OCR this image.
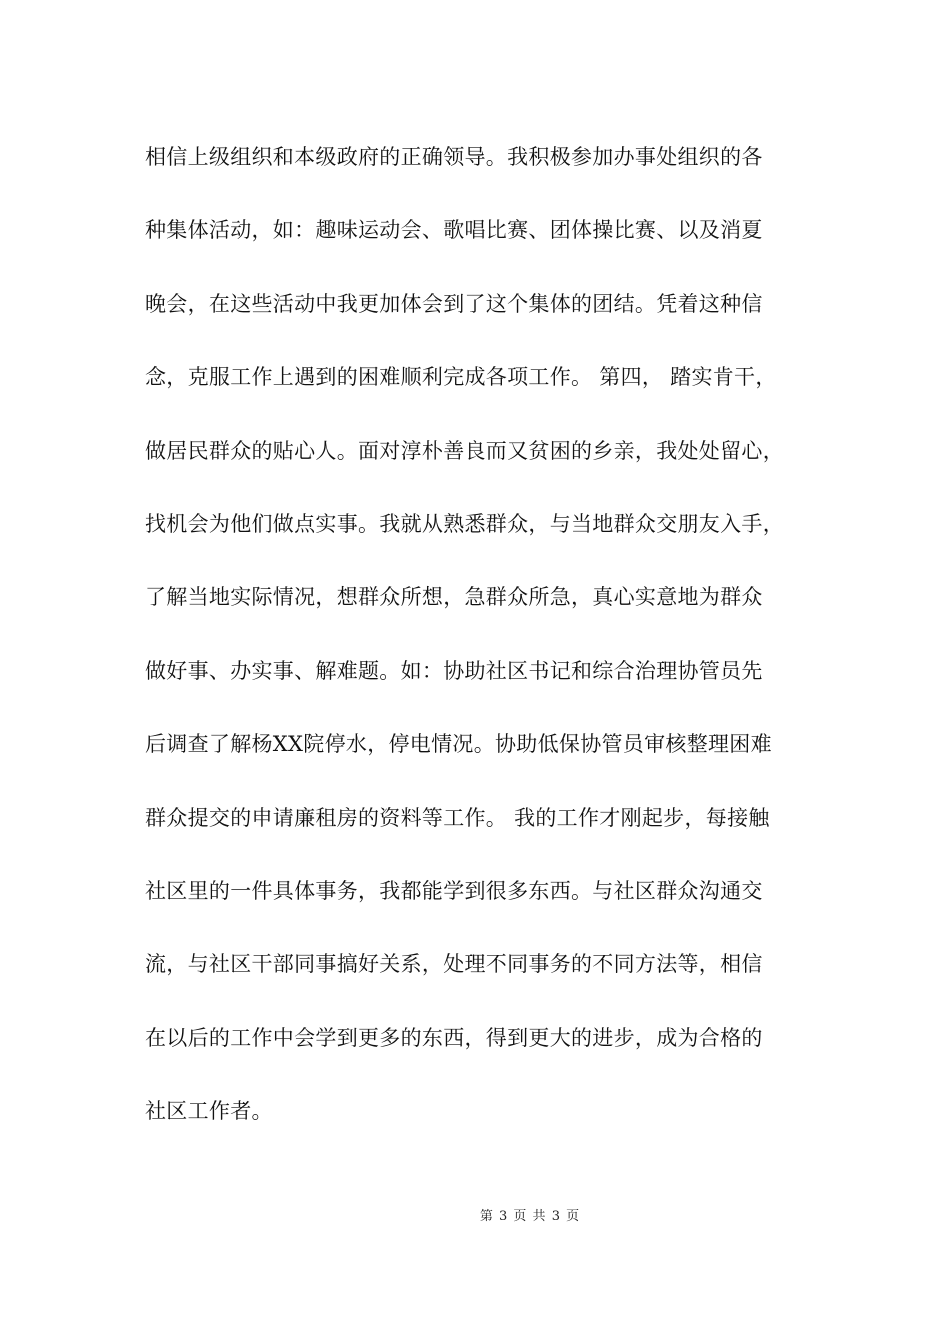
相信上级组织和本级政府的正确领导。我积极参加办事处组织的各
种集体活动，如：趣味运动会、歌唱比赛、团体操比赛、以及消夏
晚会，在这些活动中我更加体会到了这个集体的团结。凭着这种信
念，克服工作上遇到的困难顺利完成各项工作。 第四， 踏实肯干，
做居民群众的贴心人。面对淳朴善良而又贫困的乡亲，我处处留心，
找机会为他们做点实事。我就从熟悉群众，与当地群众交朋友入手，
了解当地实际情况，想群众所想，急群众所急，真心实意地为群众
做好事、办实事、解难题。如：协助社区书记和综合治理协管员先
后调查了解杨XX院停水，停电情况。协助低保协管员审核整理困难
群众提交的申请廉租房的资料等工作。 我的工作才刚起步，每接触
社区里的一件具体事务，我都能学到很多东西。与社区群众沟通交
流，与社区干部同事搞好关系，处理不同事务的不同方法等，相信
在以后的工作中会学到更多的东西，得到更大的进步，成为合格的
社区工作者。
第 3 页 共 3 页
